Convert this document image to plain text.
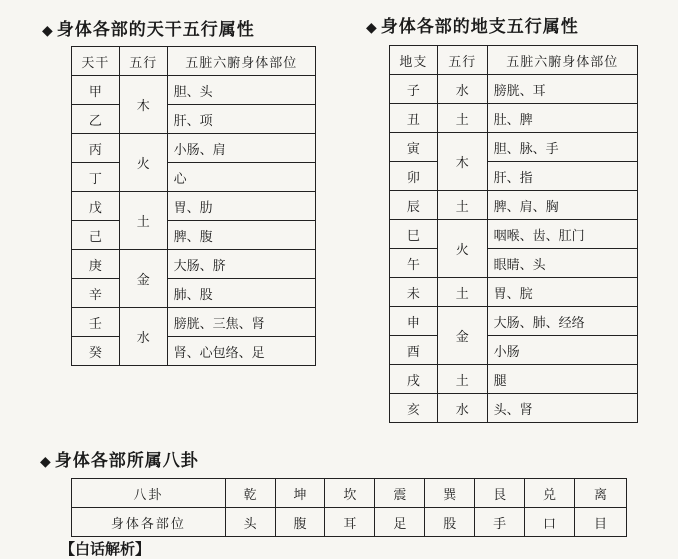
◆ 身体各部的天干五行属性
天干	五行	五脏六腑身体部位
甲	木	胆、头
乙		肝、项
丙	火	小肠、肩
丁		心
戊	土	胃、肋
己		脾、腹
庚	金	大肠、脐
辛		肺、股
壬	水	膀胱、三焦、肾
癸		肾、心包络、足
◆ 身体各部的地支五行属性
地支	五行	五脏六腑身体部位
子	水	膀胱、耳
丑	土	肚、脾
寅	木	胆、脉、手
卯		肝、指
辰	土	脾、肩、胸
巳	火	咽喉、齿、肛门
午		眼睛、头
未	土	胃、脘
申	金	大肠、肺、经络
酉		小肠
戌	土	腿
亥	水	头、肾
◆ 身体各部所属八卦
八卦	乾	坤	坎	震	巽	艮	兑	离
身体各部位	头	腹	耳	足	股	手	口	目
【白话解析】
